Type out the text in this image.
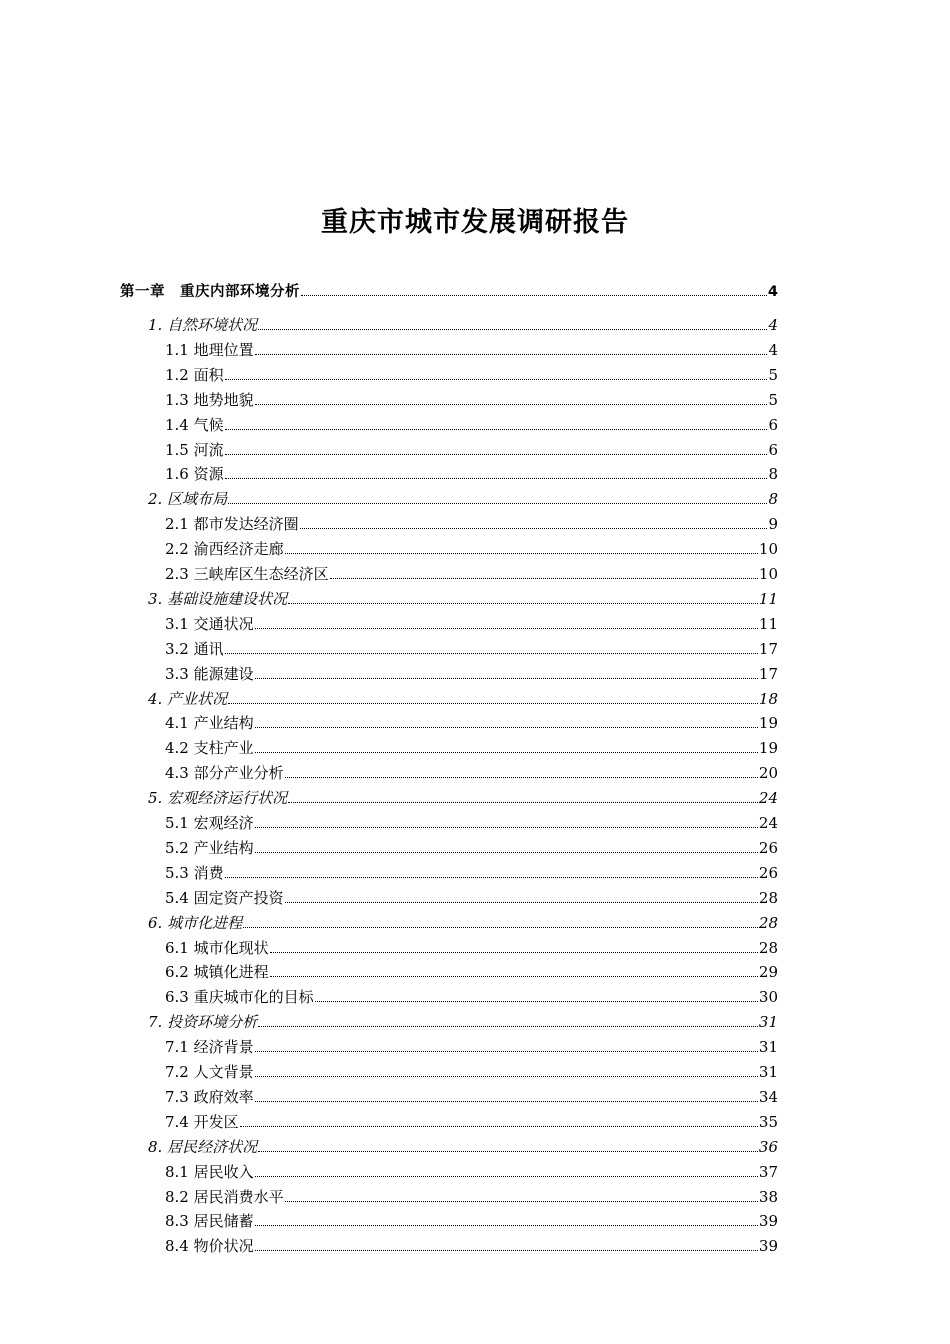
重庆市城市发展调研报告
第一章　重庆内部环境分析	4
1. 自然环境状况	4
1.1 地理位置	4
1.2 面积	5
1.3 地势地貌	5
1.4 气候	6
1.5 河流	6
1.6 资源	8
2. 区域布局	8
2.1 都市发达经济圈	9
2.2 渝西经济走廊	10
2.3 三峡库区生态经济区	10
3. 基础设施建设状况	11
3.1 交通状况	11
3.2 通讯	17
3.3 能源建设	17
4. 产业状况	18
4.1 产业结构	19
4.2 支柱产业	19
4.3 部分产业分析	20
5. 宏观经济运行状况	24
5.1 宏观经济	24
5.2 产业结构	26
5.3 消费	26
5.4 固定资产投资	28
6. 城市化进程	28
6.1 城市化现状	28
6.2 城镇化进程	29
6.3 重庆城市化的目标	30
7. 投资环境分析	31
7.1 经济背景	31
7.2 人文背景	31
7.3 政府效率	34
7.4 开发区	35
8. 居民经济状况	36
8.1 居民收入	37
8.2 居民消费水平	38
8.3 居民储蓄	39
8.4 物价状况	39
